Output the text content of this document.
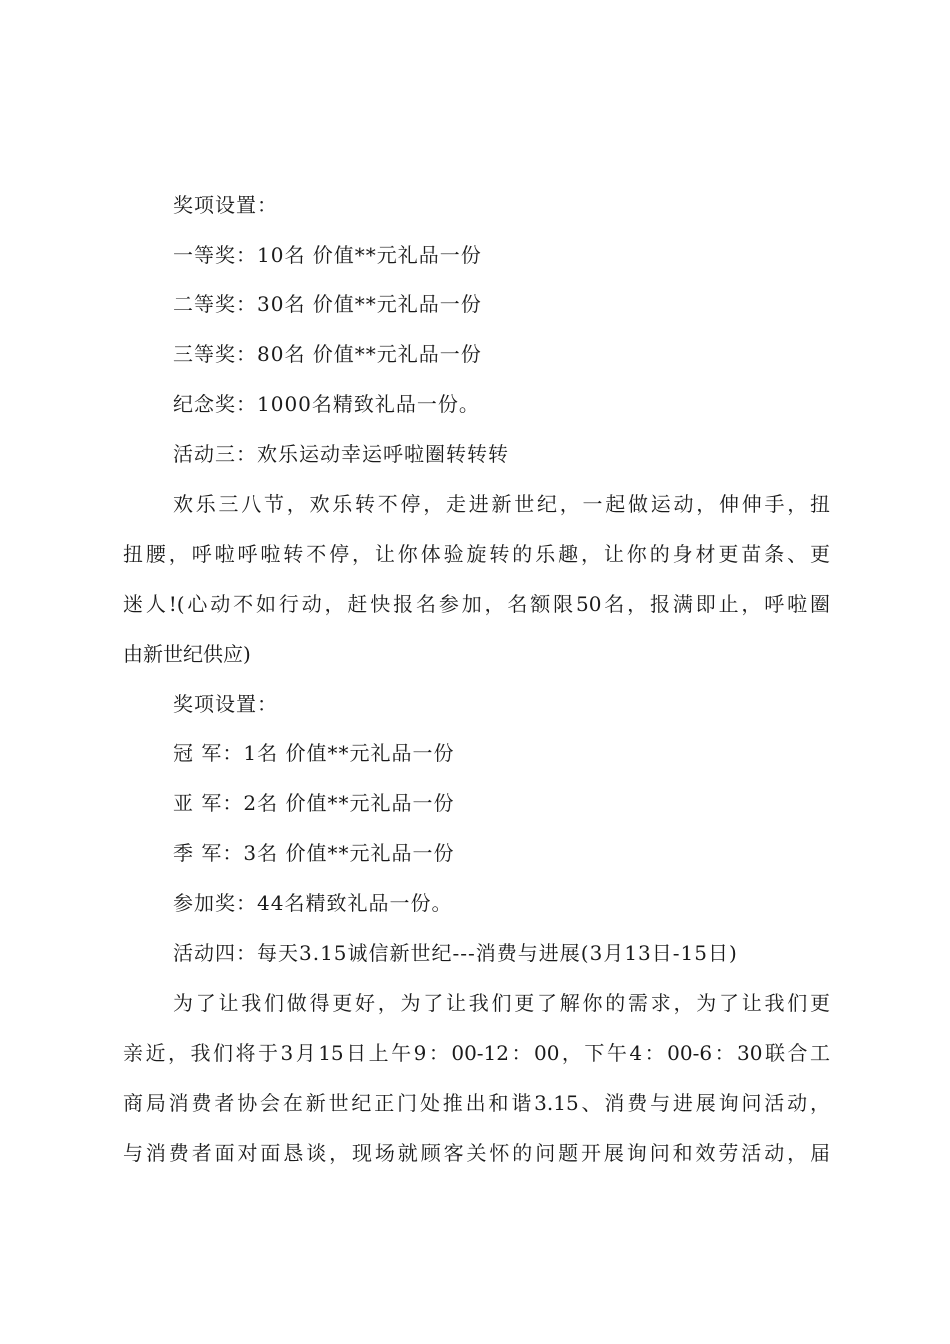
奖项设置：
一等奖：10名 价值**元礼品一份
二等奖：30名 价值**元礼品一份
三等奖：80名 价值**元礼品一份
纪念奖：1000名精致礼品一份。
活动三：欢乐运动幸运呼啦圈转转转
欢乐三八节，欢乐转不停，走进新世纪，一起做运动，伸伸手，扭
扭腰，呼啦呼啦转不停，让你体验旋转的乐趣，让你的身材更苗条、更
迷人!(心动不如行动，赶快报名参加，名额限50名，报满即止，呼啦圈
由新世纪供应)
奖项设置：
冠 军：1名 价值**元礼品一份
亚 军：2名 价值**元礼品一份
季 军：3名 价值**元礼品一份
参加奖：44名精致礼品一份。
活动四：每天3.15诚信新世纪---消费与进展(3月13日-15日)
为了让我们做得更好，为了让我们更了解你的需求，为了让我们更
亲近，我们将于3月15日上午9：00-12：00，下午4：00-6：30联合工
商局消费者协会在新世纪正门处推出和谐3.15、消费与进展询问活动，
与消费者面对面恳谈，现场就顾客关怀的问题开展询问和效劳活动，届
